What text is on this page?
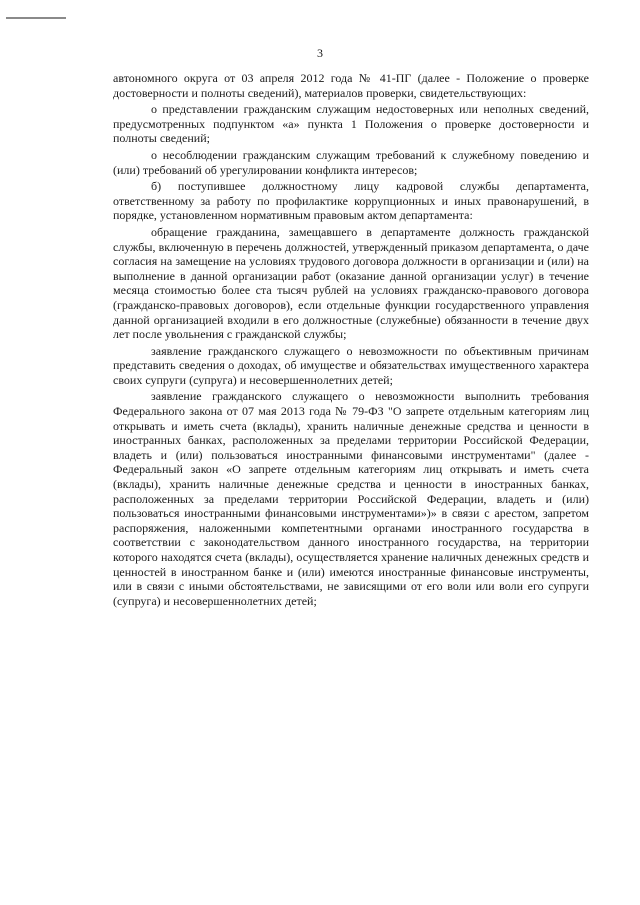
3

автономного округа от 03 апреля 2012 года № 41-ПГ (далее - Положение о проверке достоверности и полноты сведений), материалов проверки, свидетельствующих:

о представлении гражданским служащим недостоверных или неполных сведений, предусмотренных подпунктом «а» пункта 1 Положения о проверке достоверности и полноты сведений;

о несоблюдении гражданским служащим требований к служебному поведению и (или) требований об урегулировании конфликта интересов;

б) поступившее должностному лицу кадровой службы департамента, ответственному за работу по профилактике коррупционных и иных правонарушений, в порядке, установленном нормативным правовым актом департамента:

обращение гражданина, замещавшего в департаменте должность гражданской службы, включенную в перечень должностей, утвержденный приказом департамента, о даче согласия на замещение на условиях трудового договора должности в организации и (или) на выполнение в данной организации работ (оказание данной организации услуг) в течение месяца стоимостью более ста тысяч рублей на условиях гражданско-правового договора (гражданско-правовых договоров), если отдельные функции государственного управления данной организацией входили в его должностные (служебные) обязанности в течение двух лет после увольнения с гражданской службы;

заявление гражданского служащего о невозможности по объективным причинам представить сведения о доходах, об имуществе и обязательствах имущественного характера своих супруги (супруга) и несовершеннолетних детей;

заявление гражданского служащего о невозможности выполнить требования Федерального закона от 07 мая 2013 года № 79-ФЗ "О запрете отдельным категориям лиц открывать и иметь счета (вклады), хранить наличные денежные средства и ценности в иностранных банках, расположенных за пределами территории Российской Федерации, владеть и (или) пользоваться иностранными финансовыми инструментами" (далее - Федеральный закон «О запрете отдельным категориям лиц открывать и иметь счета (вклады), хранить наличные денежные средства и ценности в иностранных банках, расположенных за пределами территории Российской Федерации, владеть и (или) пользоваться иностранными финансовыми инструментами»)» в связи с арестом, запретом распоряжения, наложенными компетентными органами иностранного государства в соответствии с законодательством данного иностранного государства, на территории которого находятся счета (вклады), осуществляется хранение наличных денежных средств и ценностей в иностранном банке и (или) имеются иностранные финансовые инструменты, или в связи с иными обстоятельствами, не зависящими от его воли или воли его супруги (супруга) и несовершеннолетних детей;
